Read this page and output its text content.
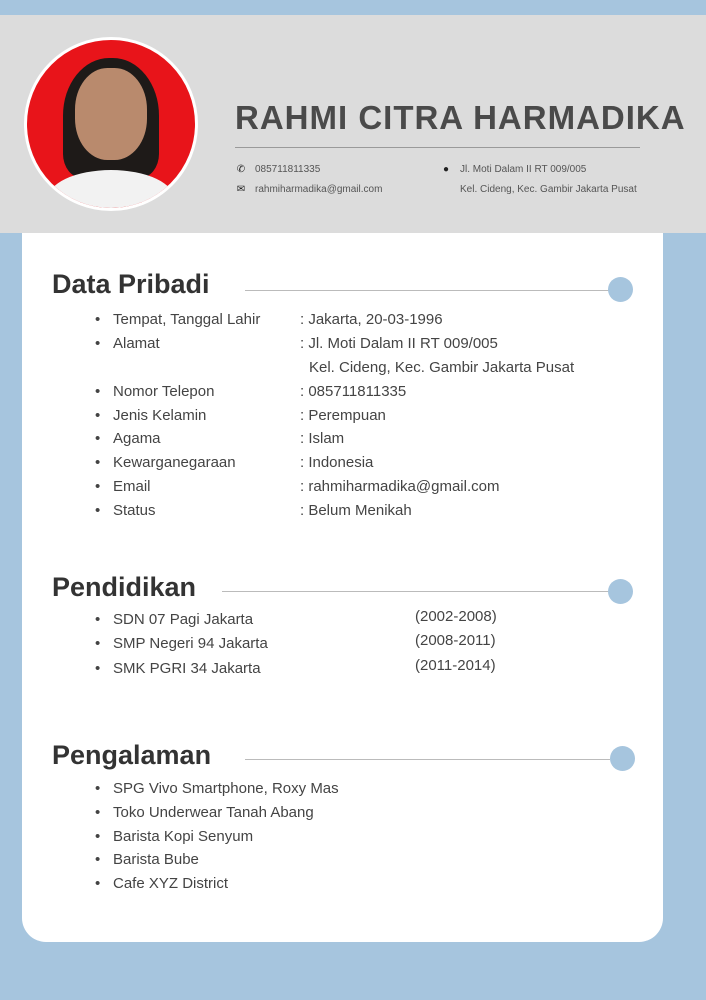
RAHMI CITRA HARMADIKA
✆ 085711811335
✉ rahmiharmadika@gmail.com
● Jl. Moti Dalam II RT 009/005
Kel. Cideng, Kec. Gambir Jakarta Pusat
Data Pribadi
• Tempat, Tanggal Lahir	: Jakarta, 20-03-1996
• Alamat	: Jl. Moti Dalam II RT 009/005
Kel. Cideng, Kec. Gambir Jakarta Pusat
• Nomor Telepon	: 085711811335
• Jenis Kelamin	: Perempuan
• Agama	: Islam
• Kewarganegaraan	: Indonesia
• Email	: rahmiharmadika@gmail.com
• Status	: Belum Menikah
Pendidikan
• SDN 07 Pagi Jakarta	(2002-2008)
• SMP Negeri 94 Jakarta	(2008-2011)
• SMK PGRI 34 Jakarta	(2011-2014)
Pengalaman
• SPG Vivo Smartphone, Roxy Mas
• Toko Underwear Tanah Abang
• Barista Kopi Senyum
• Barista Bube
• Cafe XYZ District
